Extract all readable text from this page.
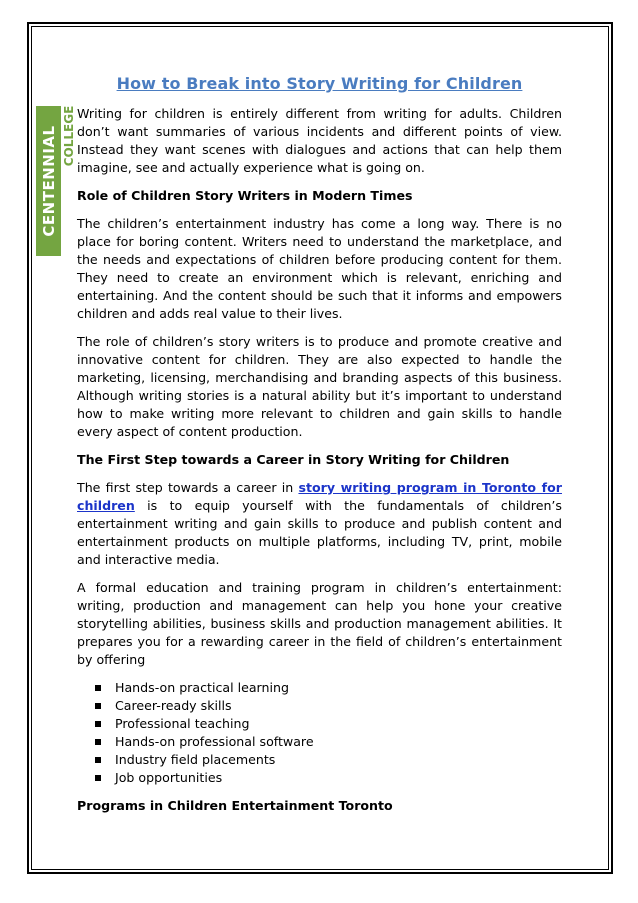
CENTENNIAL COLLEGE
How to Break into Story Writing for Children

Writing for children is entirely different from writing for adults. Children don’t want summaries of various incidents and different points of view. Instead they want scenes with dialogues and actions that can help them imagine, see and actually experience what is going on.

Role of Children Story Writers in Modern Times

The children’s entertainment industry has come a long way. There is no place for boring content. Writers need to understand the marketplace, and the needs and expectations of children before producing content for them. They need to create an environment which is relevant, enriching and entertaining. And the content should be such that it informs and empowers children and adds real value to their lives.

The role of children’s story writers is to produce and promote creative and innovative content for children. They are also expected to handle the marketing, licensing, merchandising and branding aspects of this business. Although writing stories is a natural ability but it’s important to understand how to make writing more relevant to children and gain skills to handle every aspect of content production.

The First Step towards a Career in Story Writing for Children

The first step towards a career in story writing program in Toronto for children is to equip yourself with the fundamentals of children’s entertainment writing and gain skills to produce and publish content and entertainment products on multiple platforms, including TV, print, mobile and interactive media.

A formal education and training program in children’s entertainment: writing, production and management can help you hone your creative storytelling abilities, business skills and production management abilities. It prepares you for a rewarding career in the field of children’s entertainment by offering

Hands-on practical learning
Career-ready skills
Professional teaching
Hands-on professional software
Industry field placements
Job opportunities
Programs in Children Entertainment Toronto
